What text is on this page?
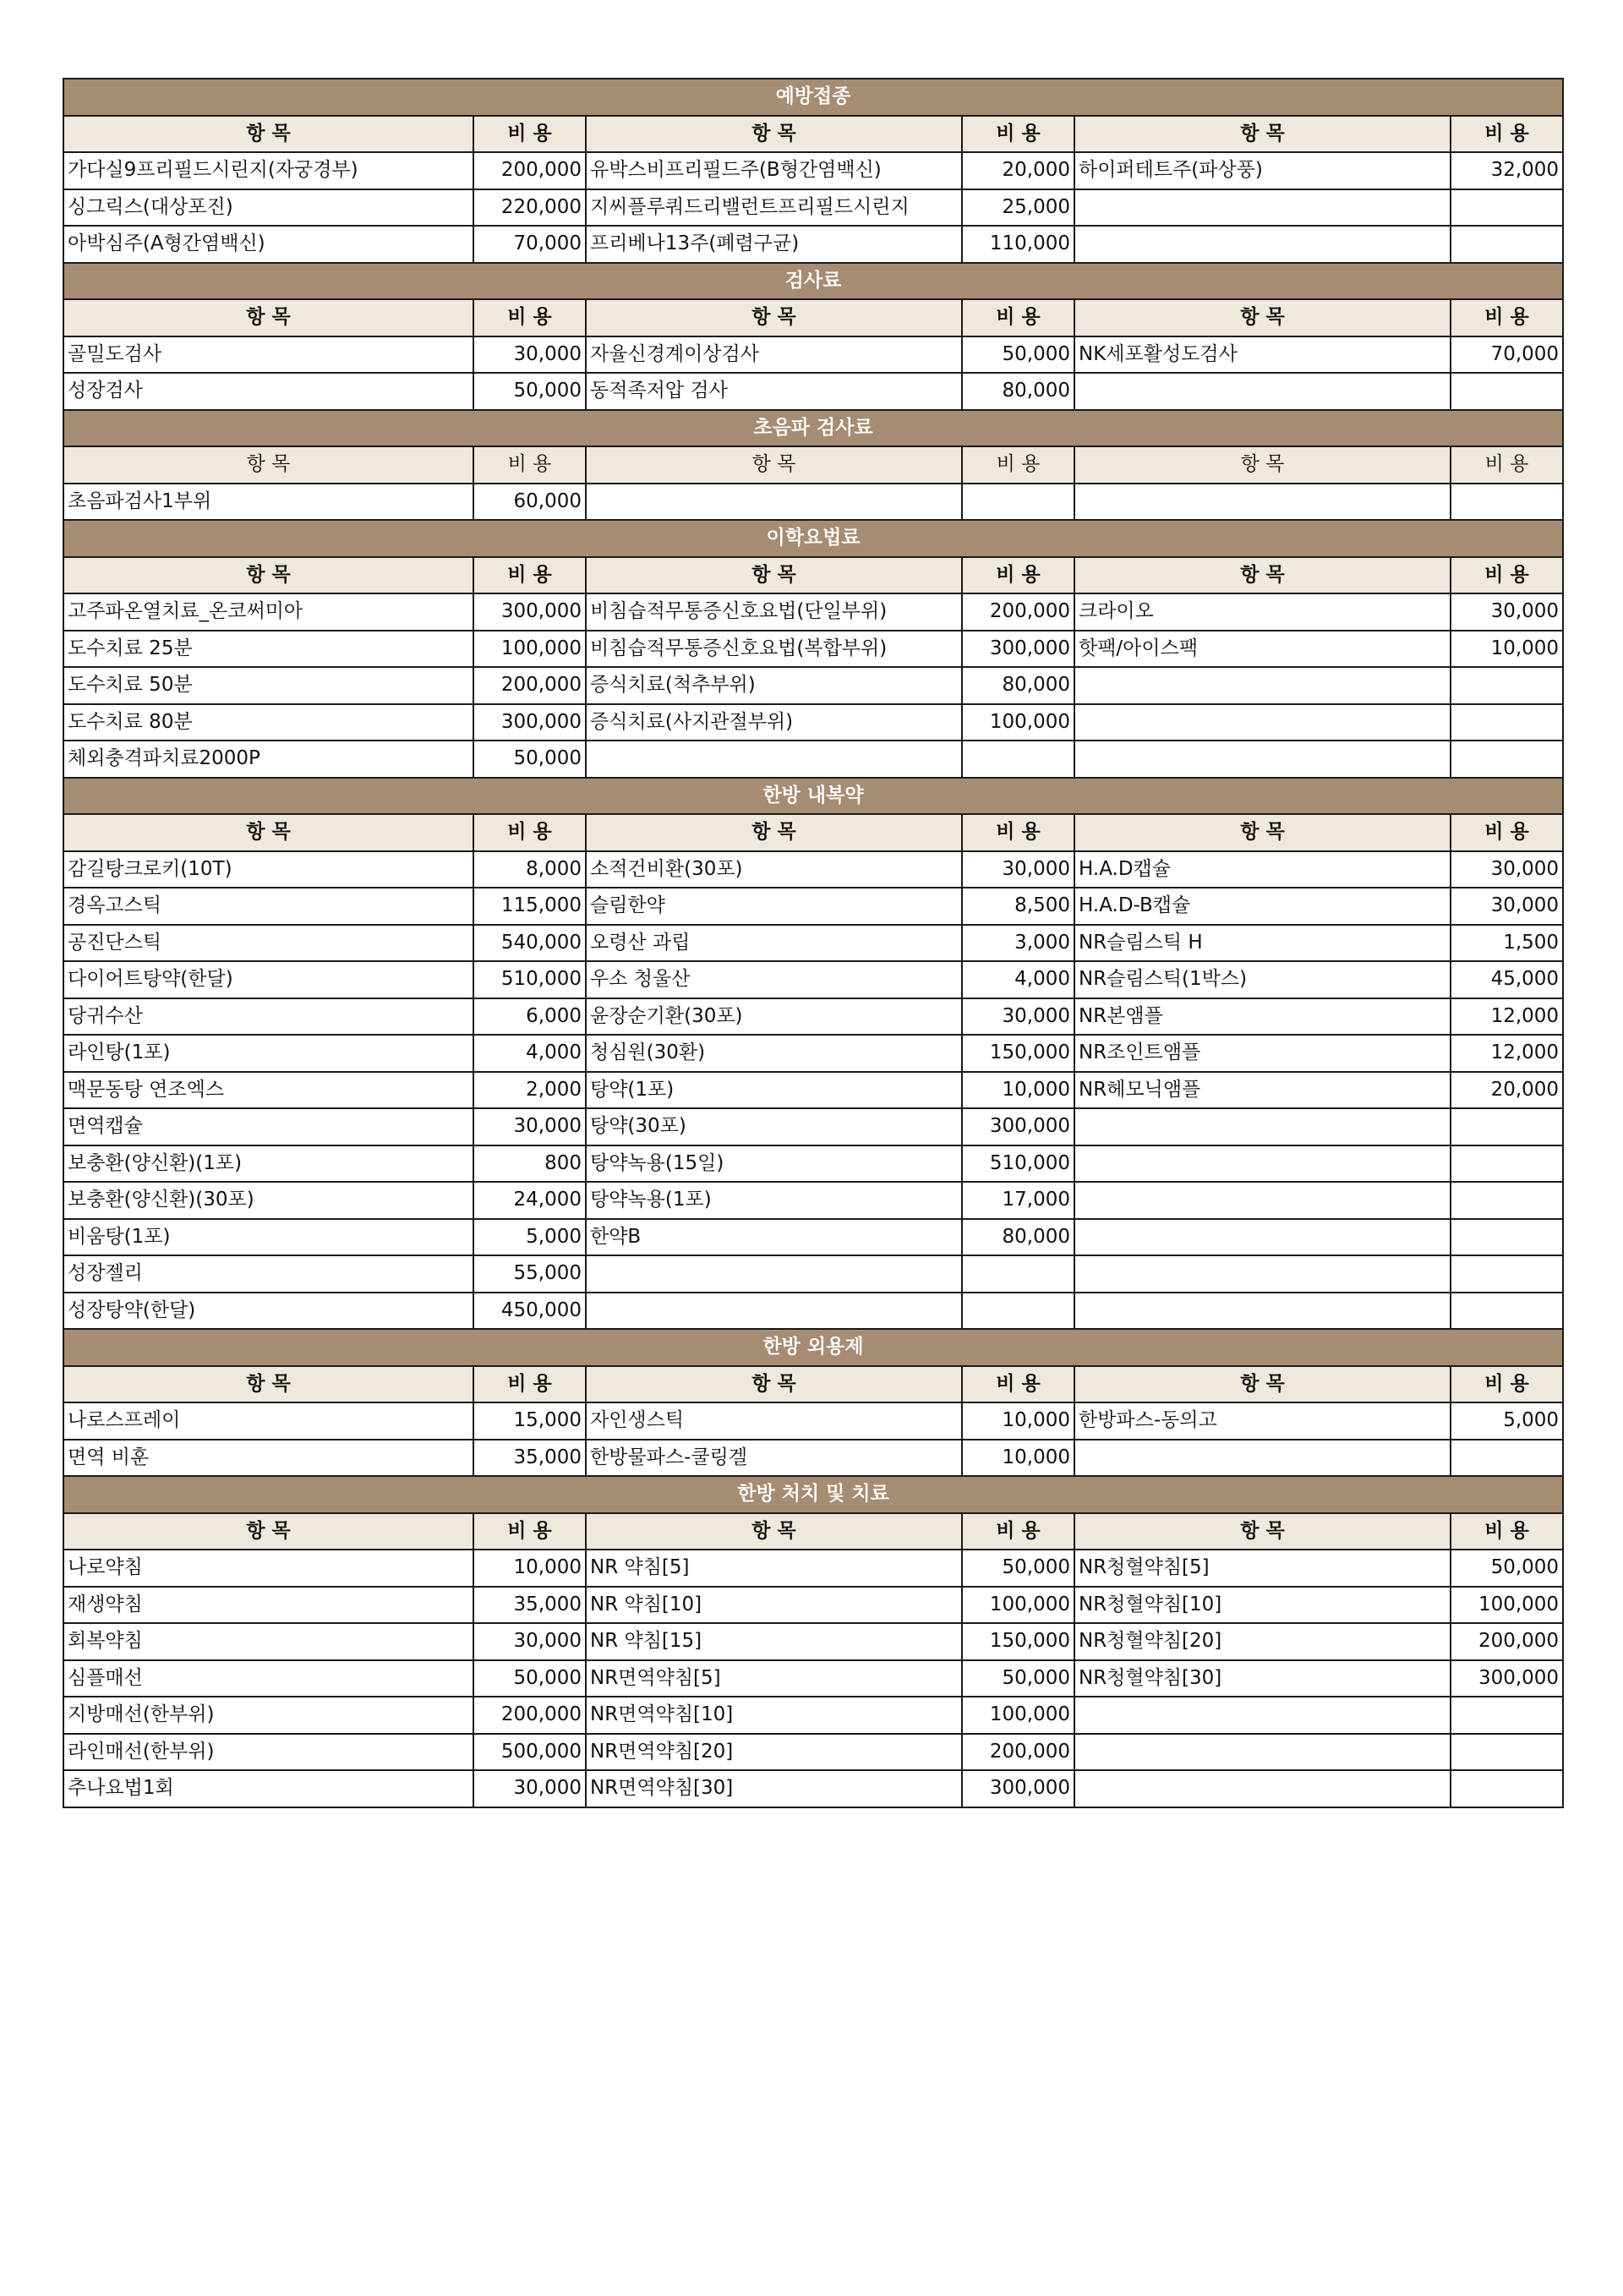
예방접종					
항 목	비 용	항 목	비 용	항 목	비 용
가다실9프리필드시린지(자궁경부)	200,000	유박스비프리필드주(B형간염백신)	20,000	하이퍼테트주(파상풍)	32,000
싱그릭스(대상포진)	220,000	지씨플루쿼드리밸런트프리필드시린지	25,000		
아박심주(A형간염백신)	70,000	프리베나13주(폐렴구균)	110,000		
검사료					
항 목	비 용	항 목	비 용	항 목	비 용
골밀도검사	30,000	자율신경계이상검사	50,000	NK세포활성도검사	70,000
성장검사	50,000	동적족저압 검사	80,000		
초음파 검사료					
항 목	비 용	항 목	비 용	항 목	비 용
초음파검사1부위	60,000				
이학요법료					
항 목	비 용	항 목	비 용	항 목	비 용
고주파온열치료_온코써미아	300,000	비침습적무통증신호요법(단일부위)	200,000	크라이오	30,000
도수치료 25분	100,000	비침습적무통증신호요법(복합부위)	300,000	핫팩/아이스팩	10,000
도수치료 50분	200,000	증식치료(척추부위)	80,000		
도수치료 80분	300,000	증식치료(사지관절부위)	100,000		
체외충격파치료2000P	50,000				
한방 내복약					
항 목	비 용	항 목	비 용	항 목	비 용
감길탕크로키(10T)	8,000	소적건비환(30포)	30,000	H.A.D캡슐	30,000
경옥고스틱	115,000	슬림한약	8,500	H.A.D-B캡슐	30,000
공진단스틱	540,000	오령산 과립	3,000	NR슬림스틱 H	1,500
다이어트탕약(한달)	510,000	우소 청울산	4,000	NR슬림스틱(1박스)	45,000
당귀수산	6,000	윤장순기환(30포)	30,000	NR본앰플	12,000
라인탕(1포)	4,000	청심원(30환)	150,000	NR조인트앰플	12,000
맥문동탕 연조엑스	2,000	탕약(1포)	10,000	NR헤모닉앰플	20,000
면역캡슐	30,000	탕약(30포)	300,000		
보충환(양신환)(1포)	800	탕약녹용(15일)	510,000		
보충환(양신환)(30포)	24,000	탕약녹용(1포)	17,000		
비움탕(1포)	5,000	한약B	80,000		
성장젤리	55,000				
성장탕약(한달)	450,000				
한방 외용제					
항 목	비 용	항 목	비 용	항 목	비 용
나로스프레이	15,000	자인생스틱	10,000	한방파스-동의고	5,000
면역 비훈	35,000	한방물파스-쿨링겔	10,000		
한방 처치 및 치료					
항 목	비 용	항 목	비 용	항 목	비 용
나로약침	10,000	NR 약침[5]	50,000	NR청혈약침[5]	50,000
재생약침	35,000	NR 약침[10]	100,000	NR청혈약침[10]	100,000
회복약침	30,000	NR 약침[15]	150,000	NR청혈약침[20]	200,000
심플매선	50,000	NR면역약침[5]	50,000	NR청혈약침[30]	300,000
지방매선(한부위)	200,000	NR면역약침[10]	100,000		
라인매선(한부위)	500,000	NR면역약침[20]	200,000		
추나요법1회	30,000	NR면역약침[30]	300,000		
